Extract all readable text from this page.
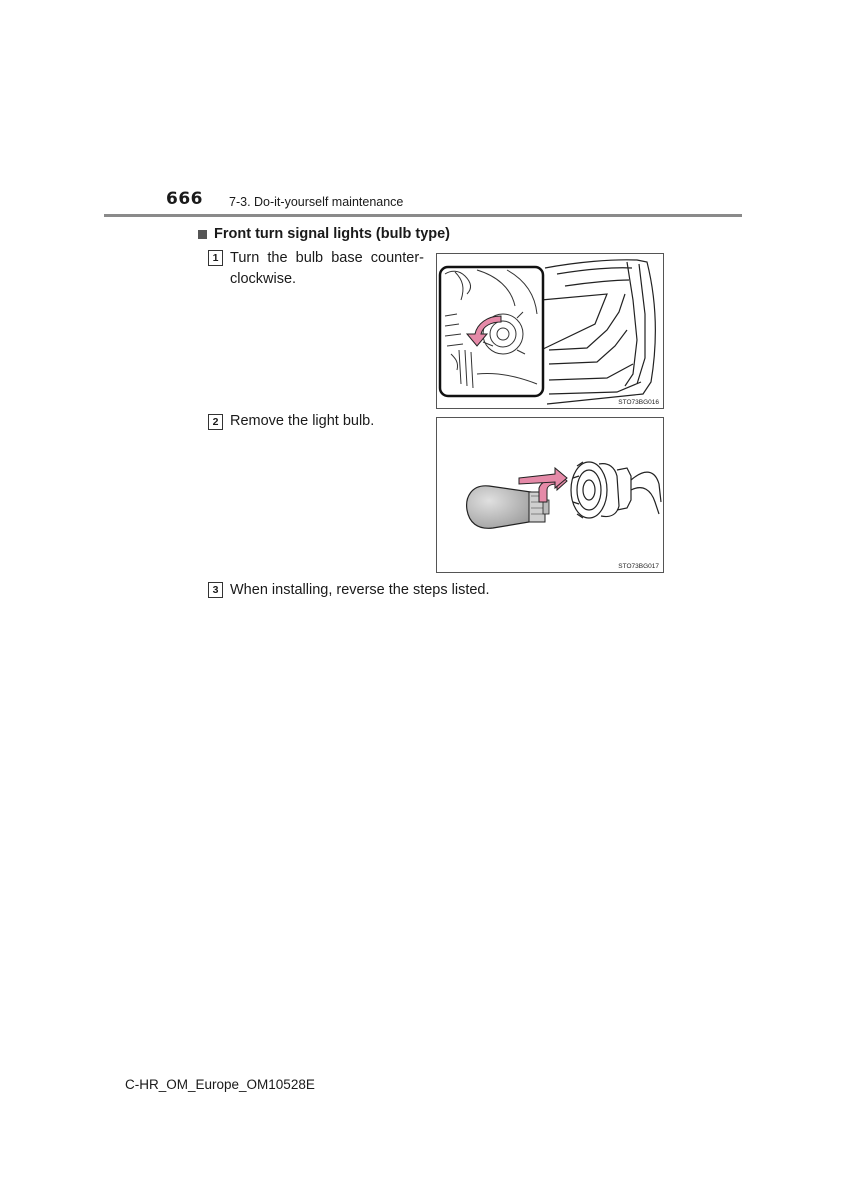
666 7-3. Do-it-yourself maintenance
Front turn signal lights (bulb type)
1 Turn the bulb base counter-clockwise.
STO73BG016
2 Remove the light bulb.
STO73BG017
3 When installing, reverse the steps listed.
C-HR_OM_Europe_OM10528E
